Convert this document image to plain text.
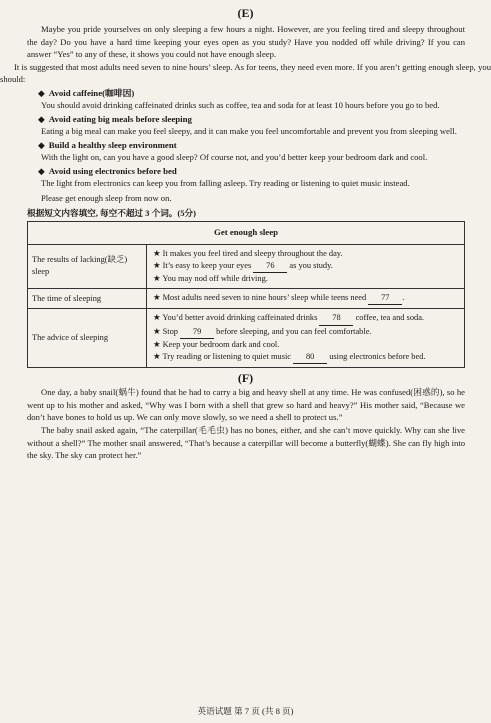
(E)

Maybe you pride yourselves on only sleeping a few hours a night. However, are you feeling tired and sleepy throughout the day? Do you have a hard time keeping your eyes open as you study? Have you nodded off while driving? If you can answer “Yes” to any of these, it shows you could not have enough sleep.

It is suggested that most adults need seven to nine hours’ sleep. As for teens, they need even more. If you aren’t getting enough sleep, you should:

◆ Avoid caffeine(咖啡因)

You should avoid drinking caffeinated drinks such as coffee, tea and soda for at least 10 hours before you go to bed.

◆ Avoid eating big meals before sleeping

Eating a big meal can make you feel sleepy, and it can make you feel uncomfortable and prevent you from sleeping well.

◆ Build a healthy sleep environment

With the light on, can you have a good sleep? Of course not, and you’d better keep your bedroom dark and cool.

◆ Avoid using electronics before bed

The light from electronics can keep you from falling asleep. Try reading or listening to quiet music instead.

Please get enough sleep from now on.

根据短文内容填空, 每空不超过 3 个词。(5分)
Get enough sleep	
The results of lacking(缺乏) sleep	★ It makes you feel tired and sleepy throughout the day.
★ It’s easy to keep your eyes 76 as you study.
★ You may nod off while driving.

The time of sleeping	★ Most adults need seven to nine hours’ sleep while teens need 77 .

The advice of sleeping	★ You’d better avoid drinking caffeinated drinks 78 coffee, tea and soda.
★ Stop 79 before sleeping, and you can feel comfortable.
★ Keep your bedroom dark and cool.
★ Try reading or listening to quiet music 80 using electronics before bed.
(F)

One day, a baby snail(蜗牛) found that he had to carry a big and heavy shell at any time. He was confused(困惑的), so he went up to his mother and asked, “Why was I born with a shell that grew so hard and heavy?” His mother said, “Because we don’t have bones to hold us up. We can only move slowly, so we need a shell to protect us.”

The baby snail asked again, “The caterpillar(毛毛虫) has no bones, either, and she can’t move quickly. Why can she live without a shell?” The mother snail answered, “That’s because a caterpillar will become a butterfly(蝴蝶). She can fly high into the sky. The sky can protect her.”

英语试题 第 7 页 (共 8 页)
